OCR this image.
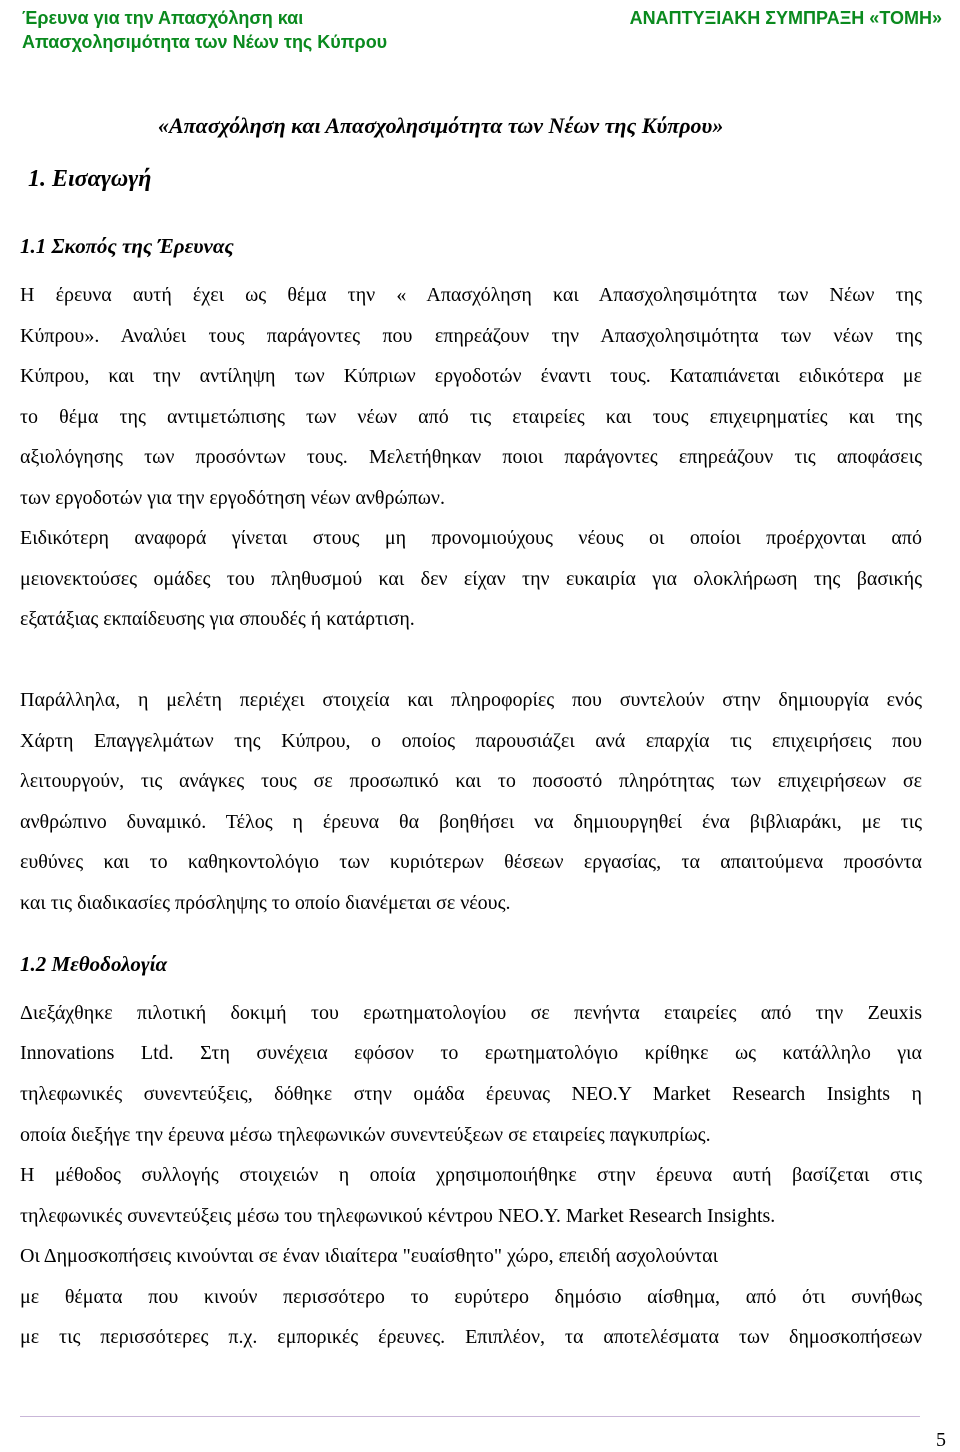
Έρευνα για την Απασχόληση και
Απασχολησιμότητα των Νέων της Κύπρου
ΑΝΑΠΤΥΞΙΑΚΗ ΣΥΜΠΡΑΞΗ «ΤΟΜΗ»
«Απασχόληση και Απασχολησιμότητα των Νέων της Κύπρου»
1. Εισαγωγή
1.1 Σκοπός της Έρευνας
Η έρευνα αυτή έχει ως θέμα την « Απασχόληση και Απασχολησιμότητα των Νέων της
Κύπρου». Αναλύει τους παράγοντες που επηρεάζουν την Απασχολησιμότητα των νέων της
Κύπρου, και την αντίληψη των Κύπριων εργοδοτών έναντι τους. Καταπιάνεται ειδικότερα με
το θέμα της αντιμετώπισης των νέων από τις εταιρείες και τους επιχειρηματίες και της
αξιολόγησης των προσόντων τους. Μελετήθηκαν ποιοι παράγοντες επηρεάζουν τις αποφάσεις
των εργοδοτών για την εργοδότηση νέων ανθρώπων.
Ειδικότερη αναφορά γίνεται στους μη προνομιούχους νέους οι οποίοι προέρχονται από
μειονεκτούσες ομάδες του πληθυσμού και δεν είχαν την ευκαιρία για ολοκλήρωση της βασικής
εξατάξιας εκπαίδευσης για σπουδές ή κατάρτιση.
Παράλληλα, η μελέτη περιέχει στοιχεία και πληροφορίες που συντελούν στην δημιουργία ενός
Χάρτη Επαγγελμάτων της Κύπρου, ο οποίος παρουσιάζει ανά επαρχία τις επιχειρήσεις που
λειτουργούν, τις ανάγκες τους σε προσωπικό και το ποσοστό πληρότητας των επιχειρήσεων σε
ανθρώπινο δυναμικό. Τέλος η έρευνα θα βοηθήσει να δημιουργηθεί ένα βιβλιαράκι, με τις
ευθύνες και το καθηκοντολόγιο των κυριότερων θέσεων εργασίας, τα απαιτούμενα προσόντα
και τις διαδικασίες πρόσληψης το οποίο διανέμεται σε νέους.
1.2 Μεθοδολογία
Διεξάχθηκε πιλοτική δοκιμή του ερωτηματολογίου σε πενήντα εταιρείες από την Zeuxis
Innovations Ltd. Στη συνέχεια εφόσον το ερωτηματολόγιο κρίθηκε ως κατάλληλο για
τηλεφωνικές συνεντεύξεις, δόθηκε στην ομάδα έρευνας NEO.Y Market Research Insights η
οποία διεξήγε την έρευνα μέσω τηλεφωνικών συνεντεύξεων σε εταιρείες παγκυπρίως.
Η μέθοδος συλλογής στοιχειών η οποία χρησιμοποιήθηκε στην έρευνα αυτή βασίζεται στις
τηλεφωνικές συνεντεύξεις μέσω του τηλεφωνικού κέντρου NEO.Y. Market Research Insights.
Οι Δημοσκοπήσεις κινούνται σε έναν ιδιαίτερα "ευαίσθητο" χώρο, επειδή ασχολούνται
με θέματα που κινούν περισσότερο το ευρύτερο δημόσιο αίσθημα, από ότι συνήθως
με τις περισσότερες π.χ. εμπορικές έρευνες. Επιπλέον, τα αποτελέσματα των δημοσκοπήσεων
5
